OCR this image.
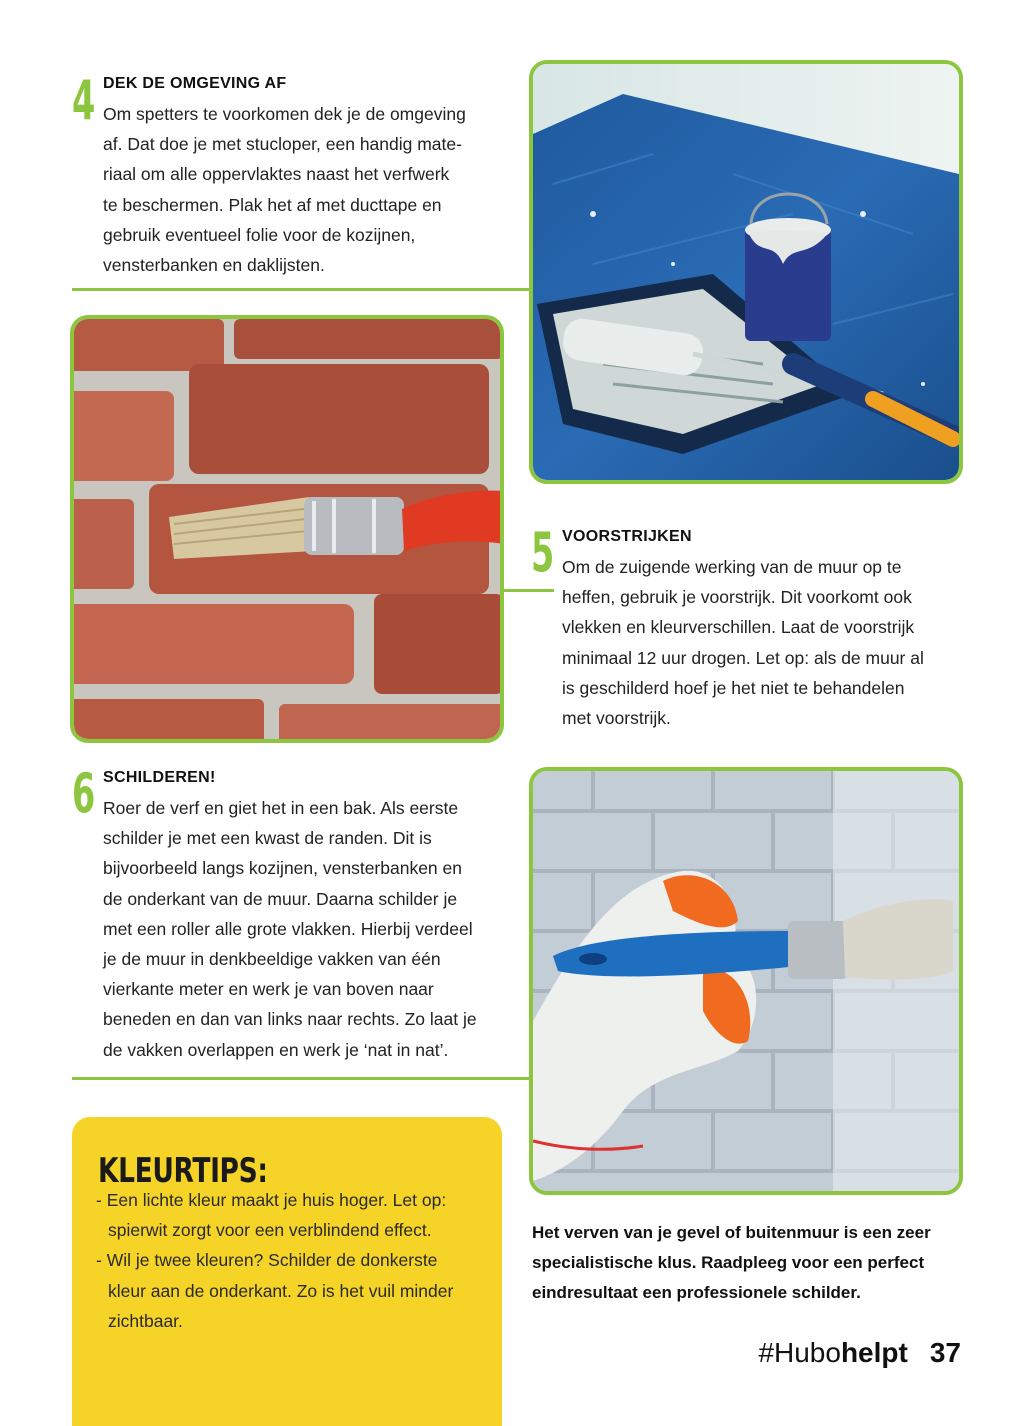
4 DEK DE OMGEVING AF

Om spetters te voorkomen dek je de omgeving

af. Dat doe je met stucloper, een handig mate-

riaal om alle oppervlaktes naast het verfwerk

te beschermen. Plak het af met ducttape en

gebruik eventueel folie voor de kozijnen,

vensterbanken en daklijsten.

5 VOORSTRIJKEN

Om de zuigende werking van de muur op te

heffen, gebruik je voorstrijk. Dit voorkomt ook

vlekken en kleurverschillen. Laat de voorstrijk

minimaal 12 uur drogen. Let op: als de muur al

is geschilderd hoef je het niet te behandelen

met voorstrijk.

6 SCHILDEREN!

Roer de verf en giet het in een bak. Als eerste

schilder je met een kwast de randen. Dit is

bijvoorbeeld langs kozijnen, vensterbanken en

de onderkant van de muur. Daarna schilder je

met een roller alle grote vlakken. Hierbij verdeel

je de muur in denkbeeldige vakken van één

vierkante meter en werk je van boven naar

beneden en dan van links naar rechts. Zo laat je

de vakken overlappen en werk je ‘nat in nat’.

KLEURTIPS:

- Een lichte kleur maakt je huis hoger. Let op:

spierwit zorgt voor een verblindend effect.

- Wil je twee kleuren? Schilder de donkerste

kleur aan de onderkant. Zo is het vuil minder

zichtbaar.

Het verven van je gevel of buitenmuur is een zeer

specialistische klus. Raadpleeg voor een perfect

eindresultaat een professionele schilder.

#Hubohelpt 37
